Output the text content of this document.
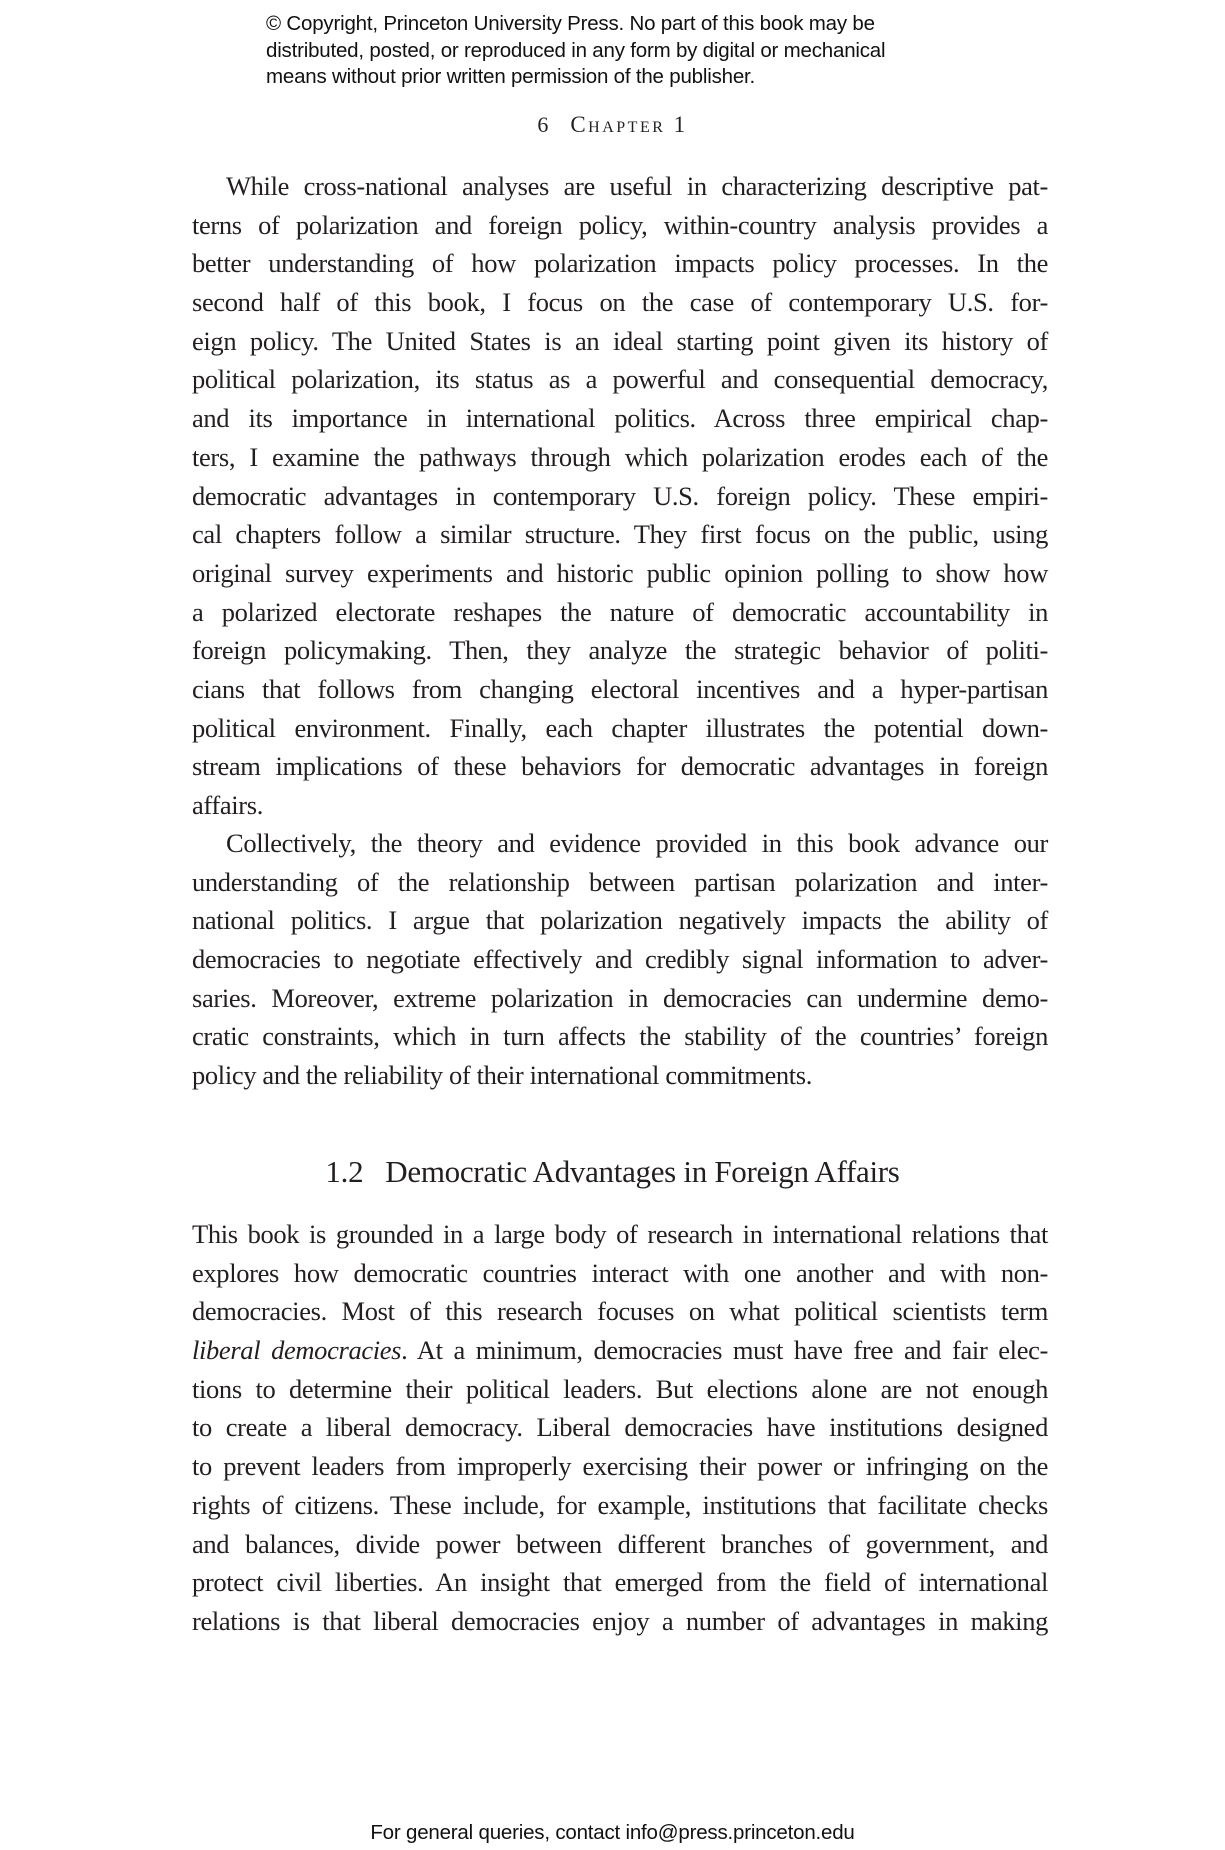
© Copyright, Princeton University Press. No part of this book may be
distributed, posted, or reproduced in any form by digital or mechanical
means without prior written permission of the publisher.
6 Chapter 1
While cross-national analyses are useful in characterizing descriptive pat-
terns of polarization and foreign policy, within-country analysis provides a
better understanding of how polarization impacts policy processes. In the
second half of this book, I focus on the case of contemporary U.S. for-
eign policy. The United States is an ideal starting point given its history of
political polarization, its status as a powerful and consequential democracy,
and its importance in international politics. Across three empirical chap-
ters, I examine the pathways through which polarization erodes each of the
democratic advantages in contemporary U.S. foreign policy. These empiri-
cal chapters follow a similar structure. They first focus on the public, using
original survey experiments and historic public opinion polling to show how
a polarized electorate reshapes the nature of democratic accountability in
foreign policymaking. Then, they analyze the strategic behavior of politi-
cians that follows from changing electoral incentives and a hyper-partisan
political environment. Finally, each chapter illustrates the potential down-
stream implications of these behaviors for democratic advantages in foreign
affairs.
Collectively, the theory and evidence provided in this book advance our
understanding of the relationship between partisan polarization and inter-
national politics. I argue that polarization negatively impacts the ability of
democracies to negotiate effectively and credibly signal information to adver-
saries. Moreover, extreme polarization in democracies can undermine demo-
cratic constraints, which in turn affects the stability of the countries’ foreign
policy and the reliability of their international commitments.
1.2 Democratic Advantages in Foreign Affairs
This book is grounded in a large body of research in international relations that
explores how democratic countries interact with one another and with non-
democracies. Most of this research focuses on what political scientists term
liberal democracies. At a minimum, democracies must have free and fair elec-
tions to determine their political leaders. But elections alone are not enough
to create a liberal democracy. Liberal democracies have institutions designed
to prevent leaders from improperly exercising their power or infringing on the
rights of citizens. These include, for example, institutions that facilitate checks
and balances, divide power between different branches of government, and
protect civil liberties. An insight that emerged from the field of international
relations is that liberal democracies enjoy a number of advantages in making
For general queries, contact info@press.princeton.edu
